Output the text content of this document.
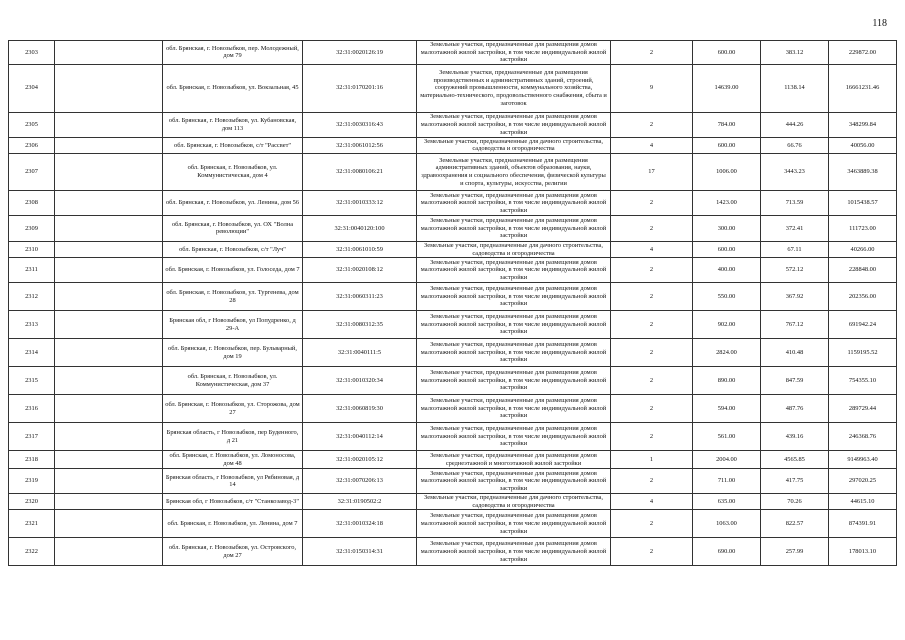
118
2303		обл. Брянская, г. Новозыбков, пер. Молодежный, дом 79	32:31:0020126:19	Земельные участки, предназначенные для размещения домов малоэтажной жилой застройки, в том числе индивидуальной жилой застройки	2	600.00	383.12	229872.00
2304		обл. Брянская, г. Новозыбков, ул. Вокзальная, 45	32:31:0170201:16	Земельные участки, предназначенные для размещения производственных и административных зданий, строений, сооружений промышленности, коммунального хозяйства, материально-технического, продовольственного снабжения, сбыта и заготовок	9	14639.00	1138.14	16661231.46
2305		обл. Брянская, г. Новозыбков, ул. Кубановская, дом 113	32:31:0030316:43	Земельные участки, предназначенные для размещения домов малоэтажной жилой застройки, в том числе индивидуальной жилой застройки	2	784.00	444.26	348299.84
2306		обл. Брянская, г. Новозыбков, с/т "Рассвет"	32:31:0061012:56	Земельные участки, предназначенные для дачного строительства, садоводства и огородничества	4	600.00	66.76	40056.00
2307		обл. Брянская, г. Новозыбков, ул. Коммунистическая, дом 4	32:31:0080106:21	Земельные участки, предназначенные для размещения административных зданий, объектов образования, науки, здравоохранения и социального обеспечения, физической культуры и спорта, культуры, искусства, религии	17	1006.00	3443.23	3463889.38
2308		обл. Брянская, г. Новозыбков, ул. Ленина, дом 56	32:31:0010333:12	Земельные участки, предназначенные для размещения домов малоэтажной жилой застройки, в том числе индивидуальной жилой застройки	2	1423.00	713.59	1015438.57
2309		обл. Брянская, г. Новозыбков, ул. ОХ "Волна революции"	32:31:0040120:100	Земельные участки, предназначенные для размещения домов малоэтажной жилой застройки, в том числе индивидуальной жилой застройки	2	300.00	372.41	111723.00
2310		обл. Брянская, г. Новозыбков, с/т "Луч"	32:31:0061010:59	Земельные участки, предназначенные для дачного строительства, садоводства и огородничества	4	600.00	67.11	40266.00
2311		обл. Брянская, г. Новозыбков, ул. Голоседа, дом 7	32:31:0020108:12	Земельные участки, предназначенные для размещения домов малоэтажной жилой застройки, в том числе индивидуальной жилой застройки	2	400.00	572.12	228848.00
2312		обл. Брянская, г. Новозыбков, ул. Тургенева, дом 28	32:31:0060311:23	Земельные участки, предназначенные для размещения домов малоэтажной жилой застройки, в том числе индивидуальной жилой застройки	2	550.00	367.92	202356.00
2313		Брянская обл, г Новозыбков, ул Попудренко, д 29-А	32:31:0080312:35	Земельные участки, предназначенные для размещения домов малоэтажной жилой застройки, в том числе индивидуальной жилой застройки	2	902.00	767.12	691942.24
2314		обл. Брянская, г. Новозыбков, пер. Бульварный, дом 19	32:31:0040111:5	Земельные участки, предназначенные для размещения домов малоэтажной жилой застройки, в том числе индивидуальной жилой застройки	2	2824.00	410.48	1159195.52
2315		обл. Брянская, г. Новозыбков, ул. Коммунистическая, дом 37	32:31:0010320:34	Земельные участки, предназначенные для размещения домов малоэтажной жилой застройки, в том числе индивидуальной жилой застройки	2	890.00	847.59	754355.10
2316		обл. Брянская, г. Новозыбков, ул. Сторожова, дом 27	32:31:0060819:30	Земельные участки, предназначенные для размещения домов малоэтажной жилой застройки, в том числе индивидуальной жилой застройки	2	594.00	487.76	289729.44
2317		Брянская область, г Новозыбков, пер Буденного, д 21	32:31:0040112:14	Земельные участки, предназначенные для размещения домов малоэтажной жилой застройки, в том числе индивидуальной жилой застройки	2	561.00	439.16	246368.76
2318		обл. Брянская, г. Новозыбков, ул. Ломоносова, дом 48	32:31:0020105:12	Земельные участки, предназначенные для размещения домов среднеэтажной и многоэтажной жилой застройки	1	2004.00	4565.85	9149963.40
2319		Брянская область, г Новозыбков, ул Рябиновая, д 14	32:31:0070206:13	Земельные участки, предназначенные для размещения домов малоэтажной жилой застройки, в том числе индивидуальной жилой застройки	2	711.00	417.75	297020.25
2320		Брянская обл, г Новозыбков, с/т "Станкозавод-3"	32:31:0190502:2	Земельные участки, предназначенные для дачного строительства, садоводства и огородничества	4	635.00	70.26	44615.10
2321		обл. Брянская, г. Новозыбков, ул. Ленина, дом 7	32:31:0010324:18	Земельные участки, предназначенные для размещения домов малоэтажной жилой застройки, в том числе индивидуальной жилой застройки	2	1063.00	822.57	874391.91
2322		обл. Брянская, г. Новозыбков, ул. Островского, дом 27	32:31:0150314:31	Земельные участки, предназначенные для размещения домов малоэтажной жилой застройки, в том числе индивидуальной жилой застройки	2	690.00	257.99	178013.10
